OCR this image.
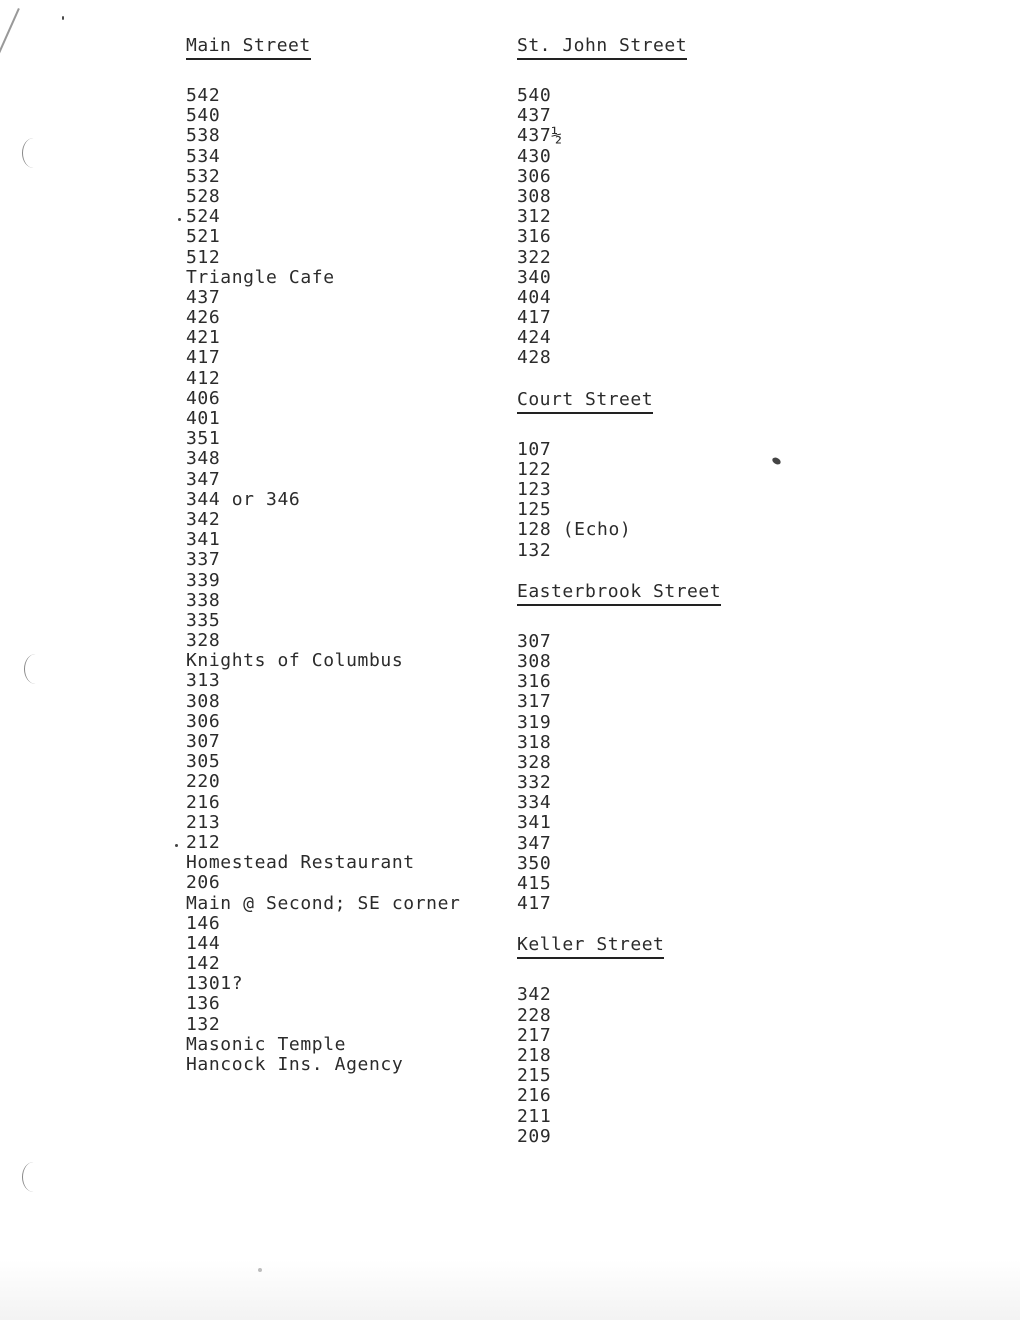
Main Street
542
540
538
534
532
528
524
521
512
Triangle Cafe
437
426
421
417
412
406
401
351
348
347
344 or 346
342
341
337
339
338
335
328
Knights of Columbus
313
308
306
307
305
220
216
213
212
Homestead Restaurant
206
Main @ Second; SE corner
146
144
142
1301?
136
132
Masonic Temple
Hancock Ins. Agency
St. John Street
540
437
437½
430
306
308
312
316
322
340
404
417
424
428
Court Street
107
122
123
125
128 (Echo)
132
Easterbrook Street
307
308
316
317
319
318
328
332
334
341
347
350
415
417
Keller Street
342
228
217
218
215
216
211
209
